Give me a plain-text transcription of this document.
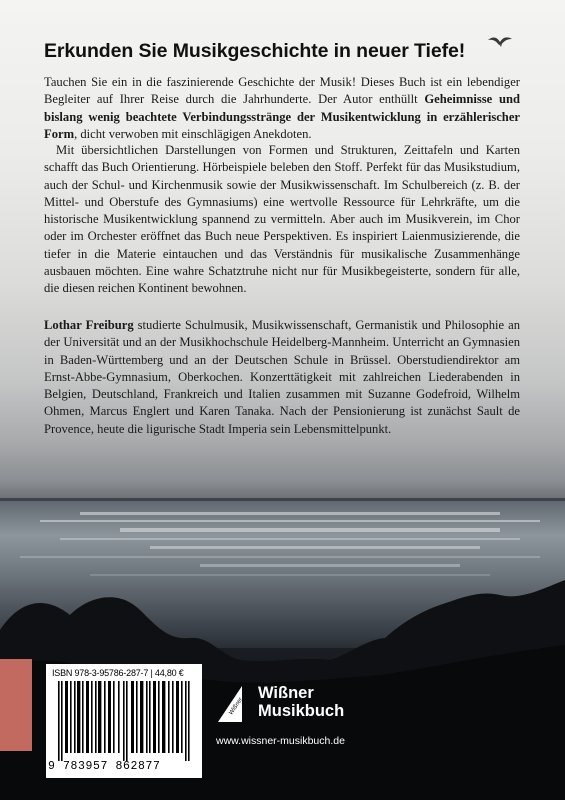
Erkunden Sie Musikgeschichte in neuer Tiefe!

Tauchen Sie ein in die faszinierende Geschichte der Musik! Dieses Buch ist ein lebendiger Begleiter auf Ihrer Reise durch die Jahrhunderte. Der Autor enthüllt Geheimnisse und bislang wenig beachtete Verbindungsstränge der Musikentwicklung in erzählerischer Form, dicht verwoben mit einschlägigen Anekdoten.

Mit übersichtlichen Darstellungen von Formen und Strukturen, Zeittafeln und Karten schafft das Buch Orientierung. Hörbeispiele beleben den Stoff. Perfekt für das Musikstudium, auch der Schul- und Kirchenmusik sowie der Musikwissenschaft. Im Schulbereich (z. B. der Mittel- und Oberstufe des Gymnasiums) eine wertvolle Ressource für Lehrkräfte, um die historische Musikentwicklung spannend zu vermitteln. Aber auch im Musikverein, im Chor oder im Orchester eröffnet das Buch neue Perspektiven. Es inspiriert Laienmusizierende, die tiefer in die Materie eintauchen und das Verständnis für musikalische Zusammenhänge ausbauen möchten. Eine wahre Schatztruhe nicht nur für Musikbegeisterte, sondern für alle, die diesen reichen Kontinent bewohnen.

Lothar Freiburg studierte Schulmusik, Musikwissenschaft, Germanistik und Philosophie an der Universität und an der Musikhochschule Heidelberg-Mannheim. Unterricht an Gymnasien in Baden-Württemberg und an der Deutschen Schule in Brüssel. Oberstudiendirektor am Ernst-Abbe-Gymnasium, Oberkochen. Konzerttätigkeit mit zahlreichen Liederabenden in Belgien, Deutschland, Frankreich und Italien zusammen mit Suzanne Godefroid, Wilhelm Ohmen, Marcus Englert und Karen Tanaka. Nach der Pensionierung ist zunächst Sault de Provence, heute die ligurische Stadt Imperia sein Lebensmittelpunkt.

ISBN 978-3-95786-287-7 | 44,80 €
9 783957 862877
Wißner

Wißner
Musikbuch

www.wissner-musikbuch.de
